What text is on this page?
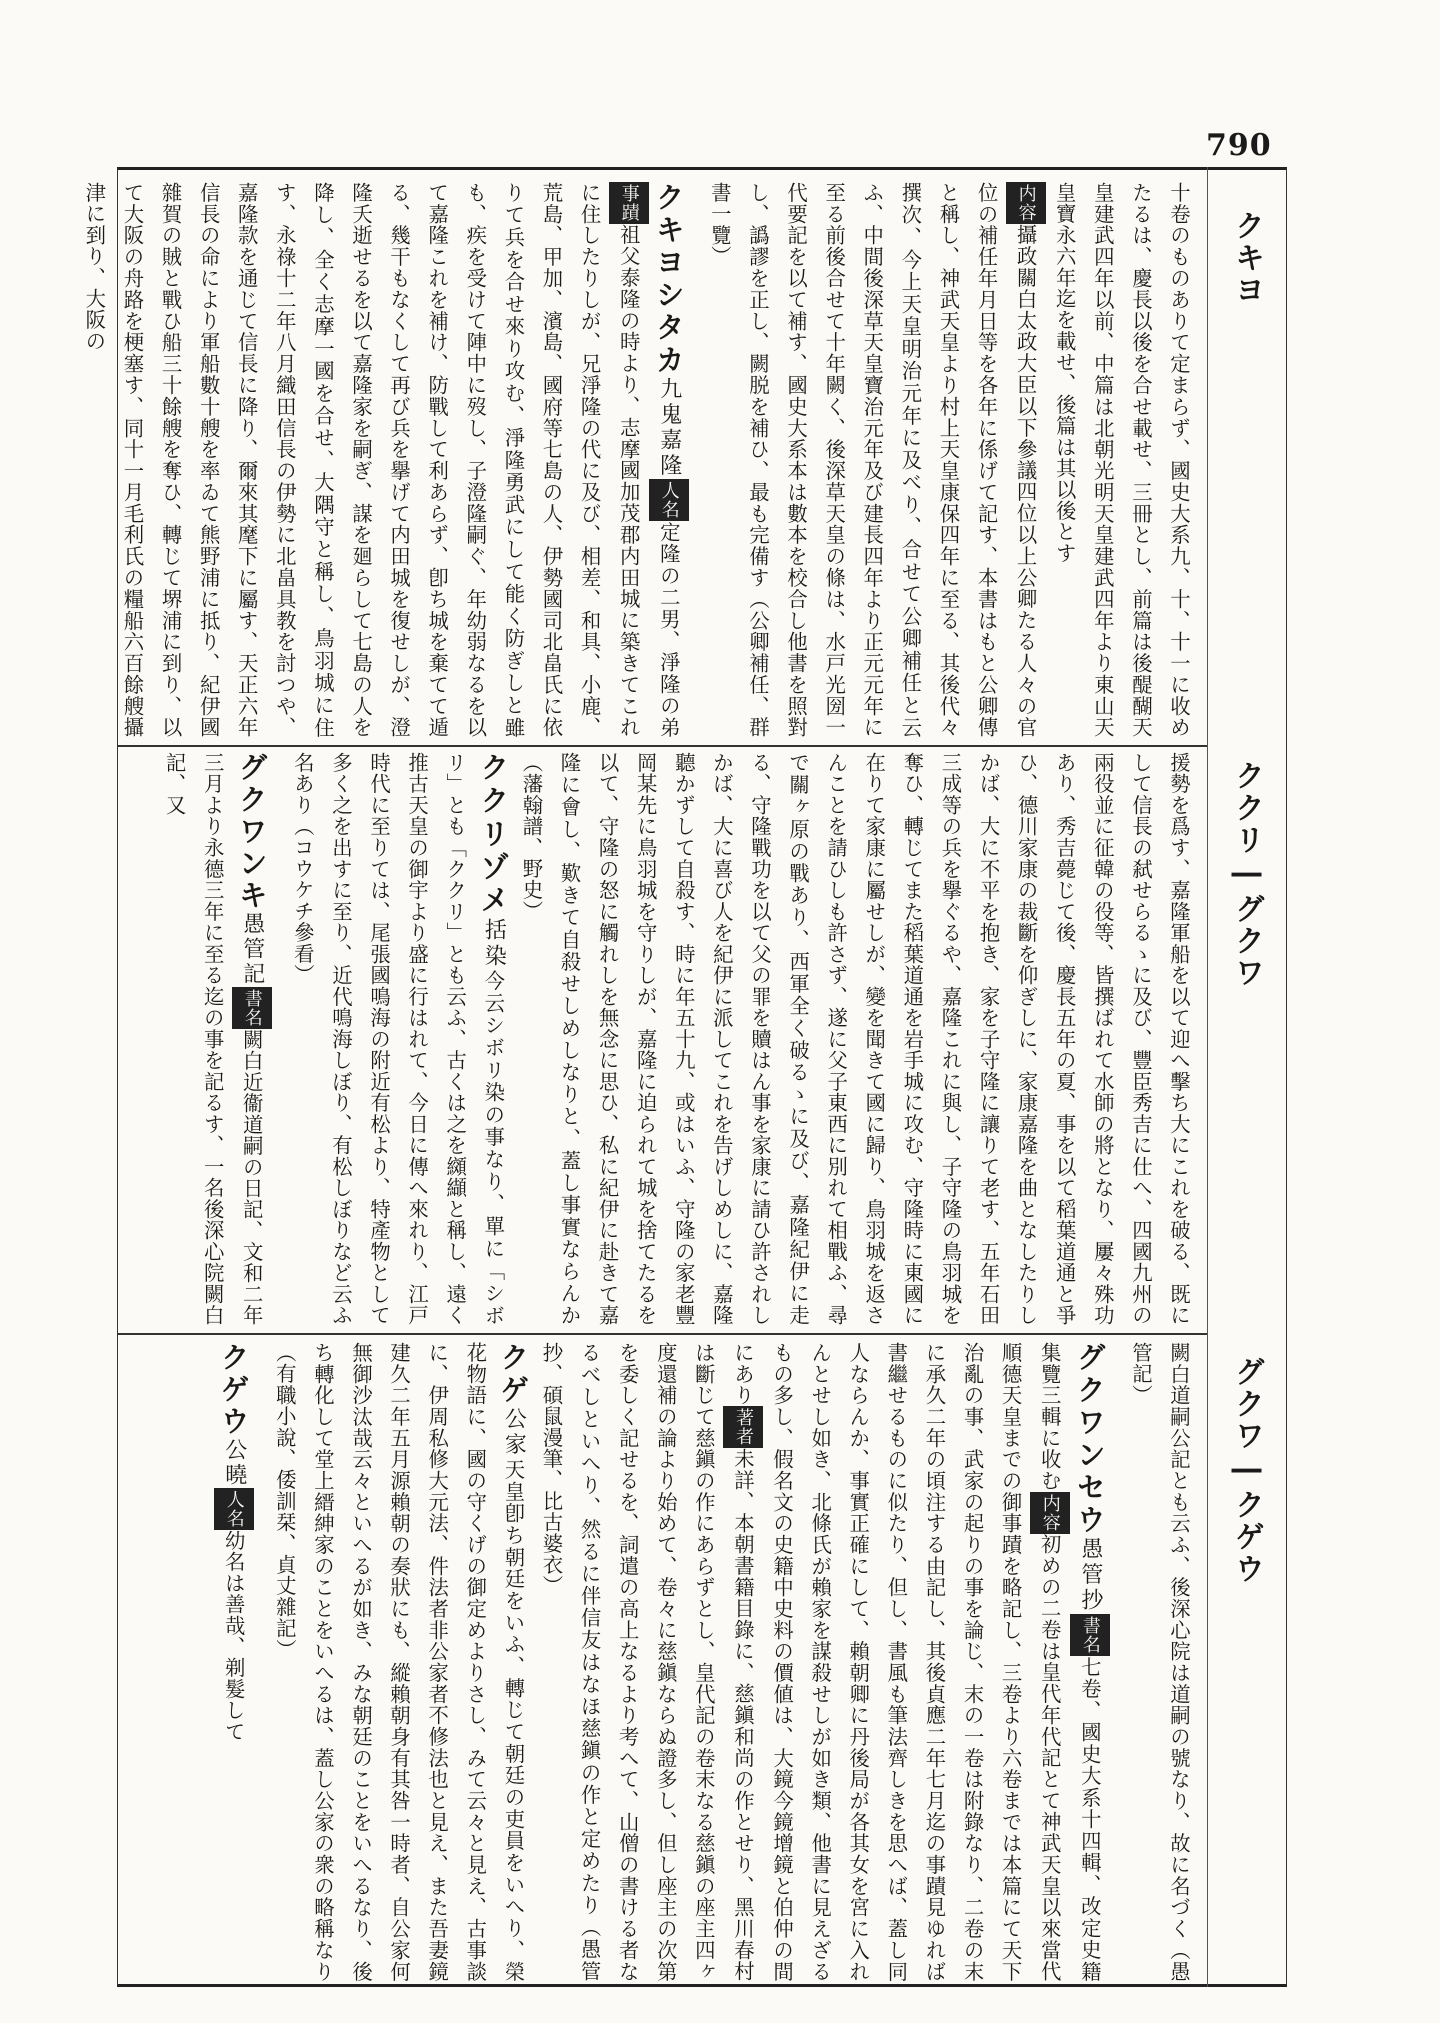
790
クキヨ
ククリ―グクワ
グクワ―クゲウ

十卷のものありて定まらず、國史大系九、十、十一に收めたるは、慶長以後を合せ載せ、三冊とし、前篇は後醍醐天皇建武四年以前、中篇は北朝光明天皇建武四年より東山天皇寶永六年迄を載せ、後篇は其以後とす

内容攝政關白太政大臣以下參議四位以上公卿たる人々の官位の補任年月日等を各年に係げて記す、本書はもと公卿傳と稱し、神武天皇より村上天皇康保四年に至る、其後代々撰次、今上天皇明治元年に及べり、合せて公卿補任と云ふ、中間後深草天皇寶治元年及び建長四年より正元元年に至る前後合せて十年闕く、後深草天皇の條は、水戸光圀一代要記を以て補す、國史大系本は數本を校合し他書を照對し、譌謬を正し、闕脱を補ひ、最も完備す（公卿補任、群書一覽）

クキヨシタカ九鬼嘉隆人名定隆の二男、淨隆の弟事蹟祖父泰隆の時より、志摩國加茂郡内田城に築きてこれに住したりしが、兄淨隆の代に及び、相差、和具、小鹿、荒島、甲加、濱島、國府等七島の人、伊勢國司北畠氏に依りて兵を合せ來り攻む、淨隆勇武にして能く防ぎしと雖も、疾を受けて陣中に歿し、子澄隆嗣ぐ、年幼弱なるを以て嘉隆これを補け、防戰して利あらず、卽ち城を棄てて遁る、幾干もなくして再び兵を擧げて内田城を復せしが、澄隆夭逝せるを以て嘉隆家を嗣ぎ、謀を廻らして七島の人を降し、全く志摩一國を合せ、大隅守と稱し、鳥羽城に住す、永祿十二年八月織田信長の伊勢に北畠具教を討つや、嘉隆款を通じて信長に降り、爾來其麾下に屬す、天正六年信長の命により軍船數十艘を率ゐて熊野浦に抵り、紀伊國雜賀の賊と戰ひ船三十餘艘を奪ひ、轉じて堺浦に到り、以て大阪の舟路を梗塞す、同十一月毛利氏の糧船六百餘艘攝津に到り、大阪の

援勢を爲す、嘉隆軍船を以て迎へ擊ち大にこれを破る、既にして信長の弑せらるゝに及び、豐臣秀吉に仕へ、四國九州の兩役並に征韓の役等、皆撰ばれて水師の將となり、屢々殊功あり、秀吉薨じて後、慶長五年の夏、事を以て稻葉道通と爭ひ、德川家康の裁斷を仰ぎしに、家康嘉隆を曲となしたりしかば、大に不平を抱き、家を子守隆に讓りて老す、五年石田三成等の兵を擧ぐるや、嘉隆これに與し、子守隆の鳥羽城を奪ひ、轉じてまた稻葉道通を岩手城に攻む、守隆時に東國に在りて家康に屬せしが、變を聞きて國に歸り、鳥羽城を返さんことを請ひしも許さず、遂に父子東西に別れて相戰ふ、尋で關ヶ原の戰あり、西軍全く破るゝに及び、嘉隆紀伊に走る、守隆戰功を以て父の罪を贖はん事を家康に請ひ許されしかば、大に喜び人を紀伊に派してこれを告げしめしに、嘉隆聽かずして自殺す、時に年五十九、或はいふ、守隆の家老豐岡某先に鳥羽城を守りしが、嘉隆に迫られて城を捨てたるを以て、守隆の怒に觸れしを無念に思ひ、私に紀伊に赴きて嘉隆に會し、歎きて自殺せしめしなりと、蓋し事實ならんか（藩翰譜、野史）

ククリゾメ括染今云シボリ染の事なり、單に「シボリ」とも「ククリ」とも云ふ、古くは之を纐纈と稱し、遠く推古天皇の御宇より盛に行はれて、今日に傳へ來れり、江戸時代に至りては、尾張國鳴海の附近有松より、特產物として多く之を出すに至り、近代鳴海しぼり、有松しぼりなど云ふ名あり（コウケチ參看）

グクワンキ愚管記書名闕白近衞道嗣の日記、文和二年三月より永德三年に至る迄の事を記るす、一名後深心院闕白記、又

闕白道嗣公記とも云ふ、後深心院は道嗣の號なり、故に名づく（愚管記）

グクワンセウ愚管抄書名七卷、國史大系十四輯、改定史籍集覽三輯に收む内容初めの二卷は皇代年代記とて神武天皇以來當代順德天皇までの御事蹟を略記し、三卷より六卷までは本篇にて天下治亂の事、武家の起りの事を論じ、末の一卷は附錄なり、二卷の末に承久二年の頃注する由記し、其後貞應二年七月迄の事蹟見ゆれば書繼せるものに似たり、但し、書風も筆法齊しきを思へば、蓋し同人ならんか、事實正確にして、賴朝卿に丹後局が各其女を宮に入れんとせし如き、北條氏が賴家を謀殺せしが如き類、他書に見えざるもの多し、假名文の史籍中史料の價値は、大鏡今鏡增鏡と伯仲の間にあり著者未詳、本朝書籍目錄に、慈鎭和尚の作とせり、黑川春村は斷じて慈鎭の作にあらずとし、皇代記の卷末なる慈鎭の座主四ヶ度還補の論より始めて、卷々に慈鎭ならぬ證多し、但し座主の次第を委しく記せるを、詞遣の高上なるより考へて、山僧の書ける者なるべしといへり、然るに伴信友はなほ慈鎭の作と定めたり（愚管抄、碩鼠漫筆、比古婆衣）

クゲ公家天皇卽ち朝廷をいふ、轉じて朝廷の吏員をいへり、榮花物語に、國の守くげの御定めよりさし、みて云々と見え、古事談に、伊周私修大元法、件法者非公家者不修法也と見え、また吾妻鏡建久二年五月源賴朝の奏狀にも、縱賴朝身有其咎一時者、自公家何無御沙汰哉云々といへるが如き、みな朝廷のことをいへるなり、後ち轉化して堂上縉紳家のことをいへるは、蓋し公家の衆の略稱なり（有職小說、倭訓栞、貞丈雜記）

クゲウ公曉人名幼名は善哉、剃髮して
